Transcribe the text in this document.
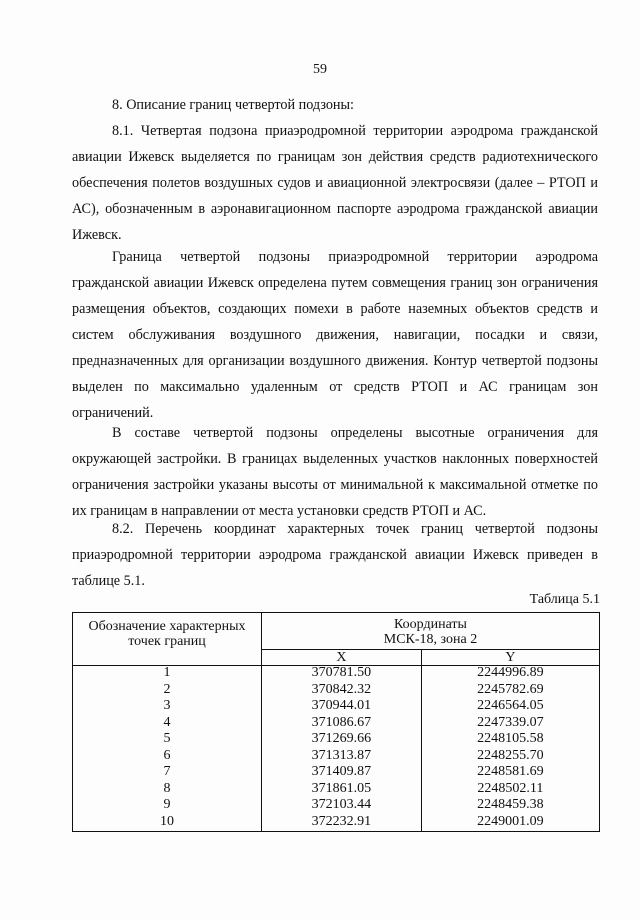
59
8. Описание границ четвертой подзоны:
8.1. Четвертая подзона приаэродромной территории аэродрома гражданской
авиации Ижевск выделяется по границам зон действия средств радиотехнического
обеспечения полетов воздушных судов и авиационной электросвязи (далее – РТОП и
АС), обозначенным в аэронавигационном паспорте аэродрома гражданской авиации
Ижевск.
Граница четвертой подзоны приаэродромной территории аэродрома
гражданской авиации Ижевск определена путем совмещения границ зон ограничения
размещения объектов, создающих помехи в работе наземных объектов средств и
систем обслуживания воздушного движения, навигации, посадки и связи,
предназначенных для организации воздушного движения. Контур четвертой подзоны
выделен по максимально удаленным от средств РТОП и АС границам зон
ограничений.
В составе четвертой подзоны определены высотные ограничения для
окружающей застройки. В границах выделенных участков наклонных поверхностей
ограничения застройки указаны высоты от минимальной к максимальной отметке по
их границам в направлении от места установки средств РТОП и АС.
8.2. Перечень координат характерных точек границ четвертой подзоны
приаэродромной территории аэродрома гражданской авиации Ижевск приведен в
таблице 5.1.
Таблица 5.1
Обозначение характерных точек границ	Координаты
МСК-18, зона 2	

	X	Y
1	370781.50	2244996.89
2	370842.32	2245782.69
3	370944.01	2246564.05
4	371086.67	2247339.07
5	371269.66	2248105.58
6	371313.87	2248255.70
7	371409.87	2248581.69
8	371861.05	2248502.11
9	372103.44	2248459.38
10	372232.91	2249001.09
